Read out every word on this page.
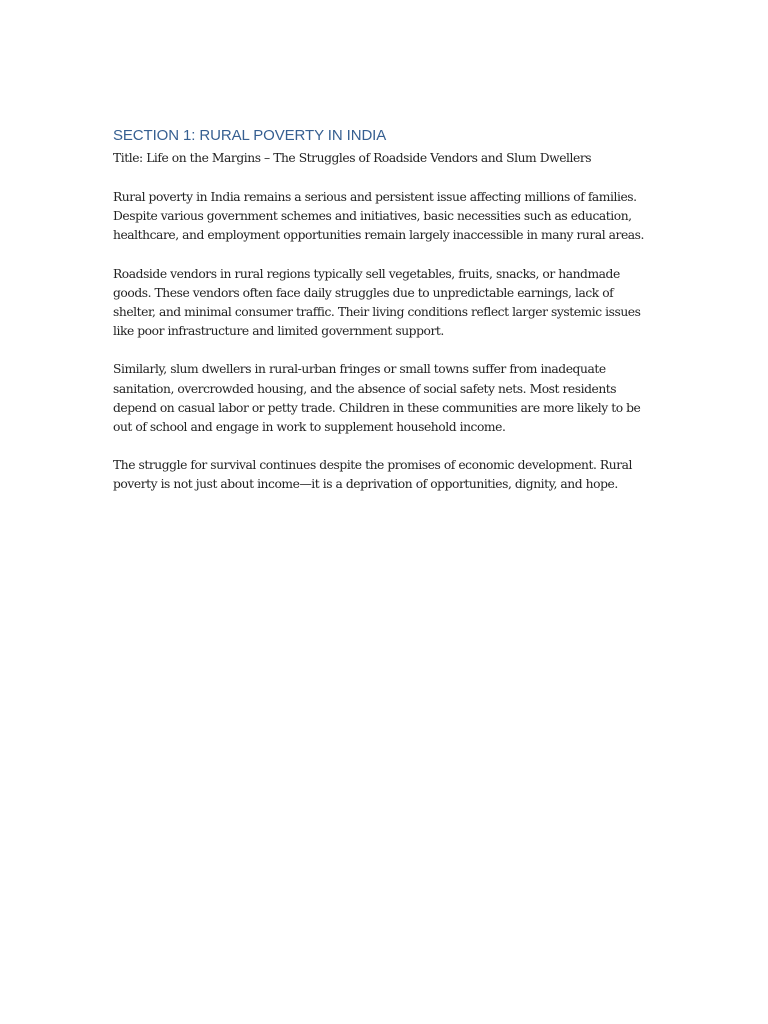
SECTION 1: RURAL POVERTY IN INDIA

Title: Life on the Margins – The Struggles of Roadside Vendors and Slum Dwellers

Rural poverty in India remains a serious and persistent issue affecting millions of families.
Despite various government schemes and initiatives, basic necessities such as education,
healthcare, and employment opportunities remain largely inaccessible in many rural areas.

Roadside vendors in rural regions typically sell vegetables, fruits, snacks, or handmade
goods. These vendors often face daily struggles due to unpredictable earnings, lack of
shelter, and minimal consumer traffic. Their living conditions reflect larger systemic issues
like poor infrastructure and limited government support.

Similarly, slum dwellers in rural-urban fringes or small towns suffer from inadequate
sanitation, overcrowded housing, and the absence of social safety nets. Most residents
depend on casual labor or petty trade. Children in these communities are more likely to be
out of school and engage in work to supplement household income.

The struggle for survival continues despite the promises of economic development. Rural
poverty is not just about income—it is a deprivation of opportunities, dignity, and hope.
